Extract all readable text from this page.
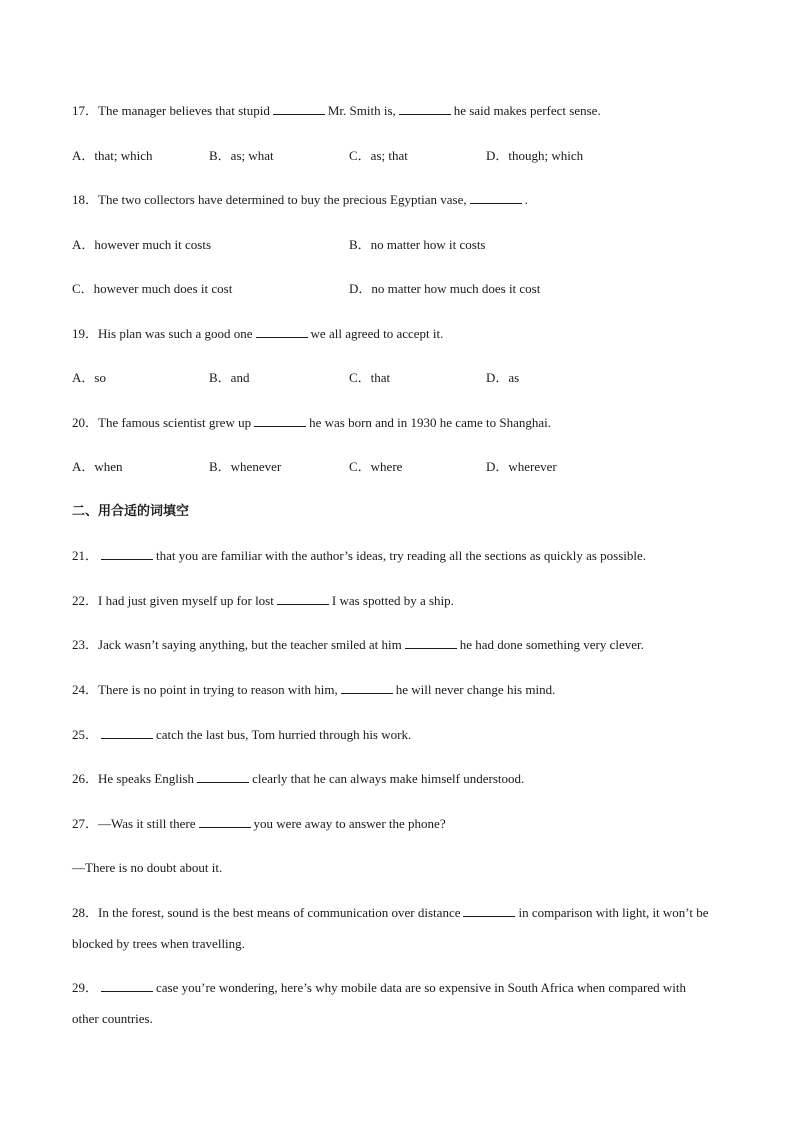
17．The manager believes that stupid	Mr. Smith is,	he said makes perfect sense.
A．that; which	B．as; what	C．as; that	D．though; which
18．The two collectors have determined to buy the precious Egyptian vase,	.
A．however much it costs	B．no matter how it costs
C．however much does it cost	D．no matter how much does it cost
19．His plan was such a good one	we all agreed to accept it.
A．so	B．and	C．that	D．as
20．The famous scientist grew up	he was born and in 1930 he came to Shanghai.
A．when	B．whenever	C．where	D．wherever
二、用合适的词填空
21．	that you are familiar with the author’s ideas, try reading all the sections as quickly as possible.
22．I had just given myself up for lost	I was spotted by a ship.
23．Jack wasn’t saying anything, but the teacher smiled at him	he had done something very clever.
24．There is no point in trying to reason with him,	he will never change his mind.
25．	catch the last bus, Tom hurried through his work.
26．He speaks English	clearly that he can always make himself understood.
27．—Was it still there	you were away to answer the phone?
—There is no doubt about it.
28．In the forest, sound is the best means of communication over distance	in comparison with light, it won’t be blocked by trees when travelling.
29．	case you’re wondering, here’s why mobile data are so expensive in South Africa when compared with other countries.
